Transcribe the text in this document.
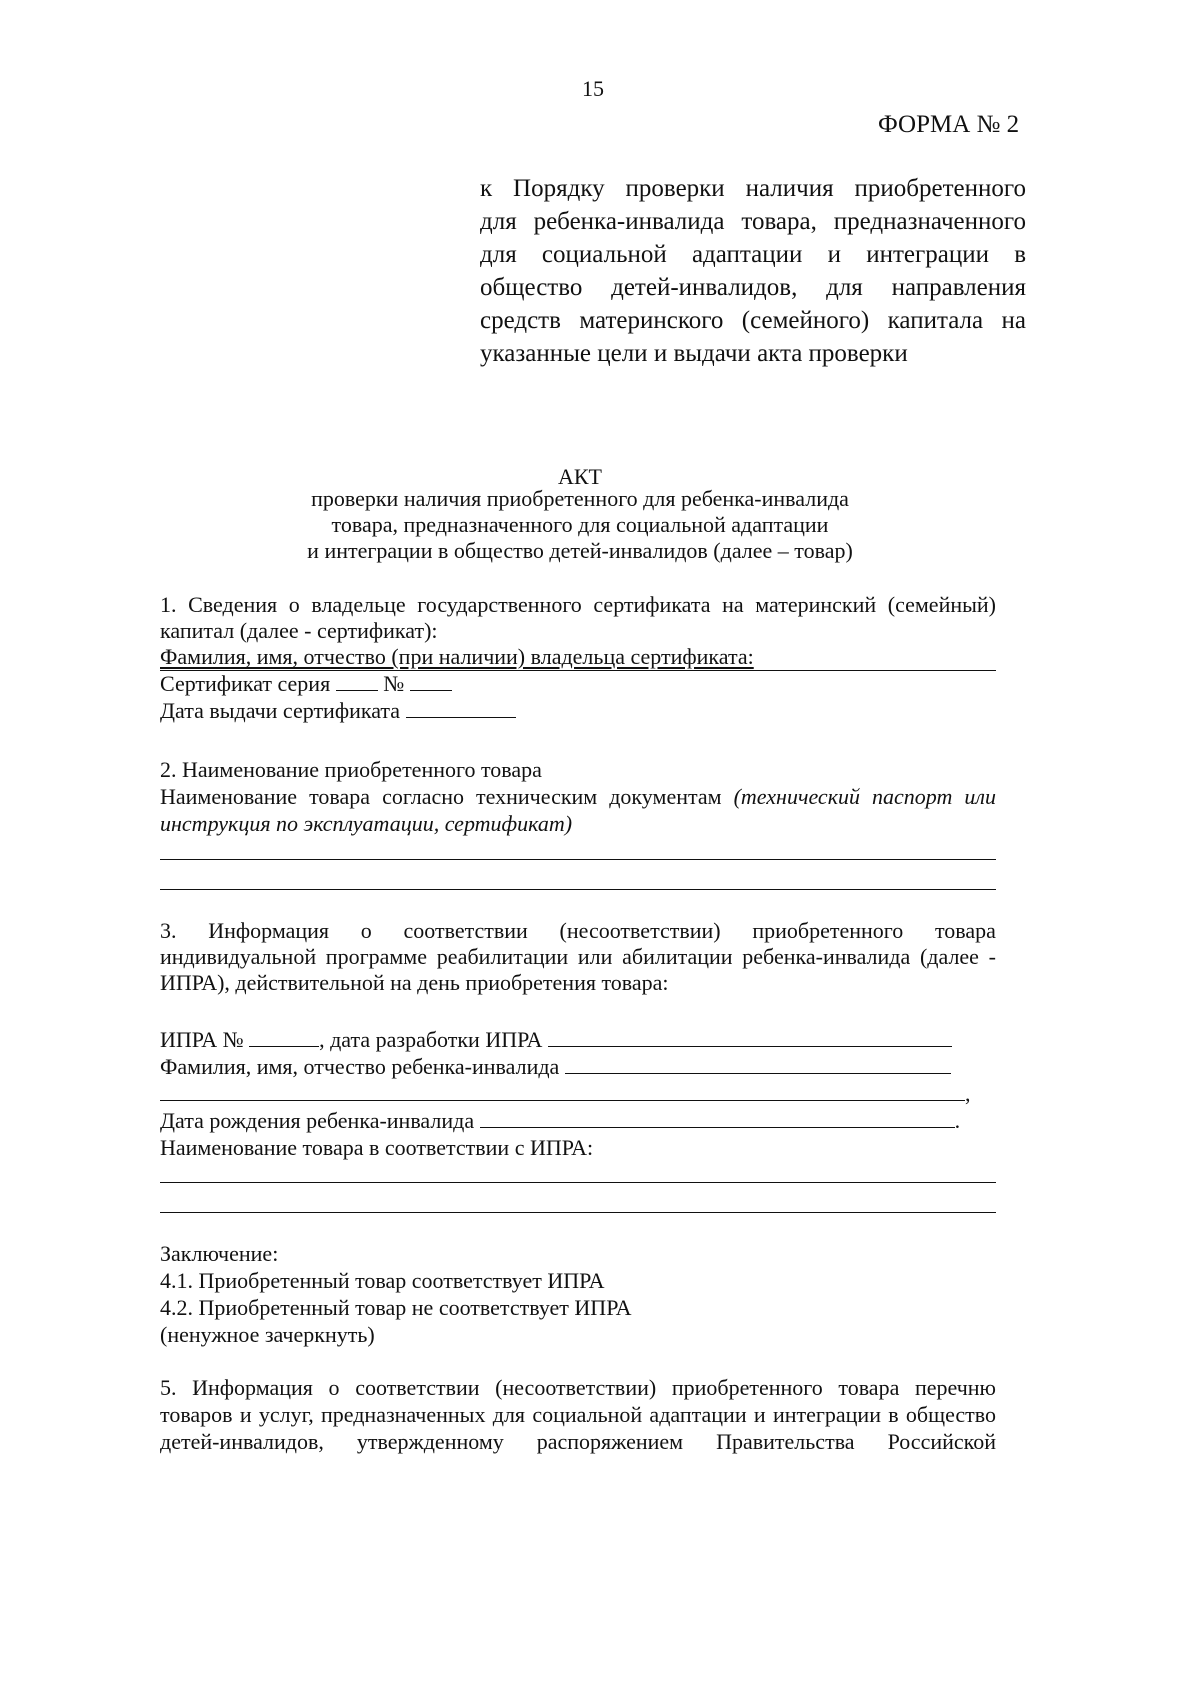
15
ФОРМА № 2
к Порядку проверки наличия приобретенного
для ребенка-инвалида товара, предназначенного
для социальной адаптации и интеграции в
общество детей-инвалидов, для направления
средств материнского (семейного) капитала на
указанные цели и выдачи акта проверки
АКТ
проверки наличия приобретенного для ребенка-инвалида
товара, предназначенного для социальной адаптации
и интеграции в общество детей-инвалидов (далее – товар)
1. Сведения о владельце государственного сертификата на материнский (семейный)
капитал (далее - сертификат):
Фамилия, имя, отчество (при наличии) владельца сертификата:
Сертификат серия №
Дата выдачи сертификата
2. Наименование приобретенного товара
Наименование товара согласно техническим документам (технический паспорт или
инструкция по эксплуатации, сертификат)
3. Информация о соответствии (несоответствии) приобретенного товара
индивидуальной программе реабилитации или абилитации ребенка-инвалида (далее -
ИПРА), действительной на день приобретения товара:
ИПРА №	, дата разработки ИПРА
Фамилия, имя, отчество ребенка-инвалида
,
Дата рождения ребенка-инвалида	.
Наименование товара в соответствии с ИПРА:
Заключение:
4.1. Приобретенный товар соответствует ИПРА
4.2. Приобретенный товар не соответствует ИПРА
(ненужное зачеркнуть)
5. Информация о соответствии (несоответствии) приобретенного товара перечню
товаров и услуг, предназначенных для социальной адаптации и интеграции в общество
детей-инвалидов, утвержденному распоряжением Правительства Российской
